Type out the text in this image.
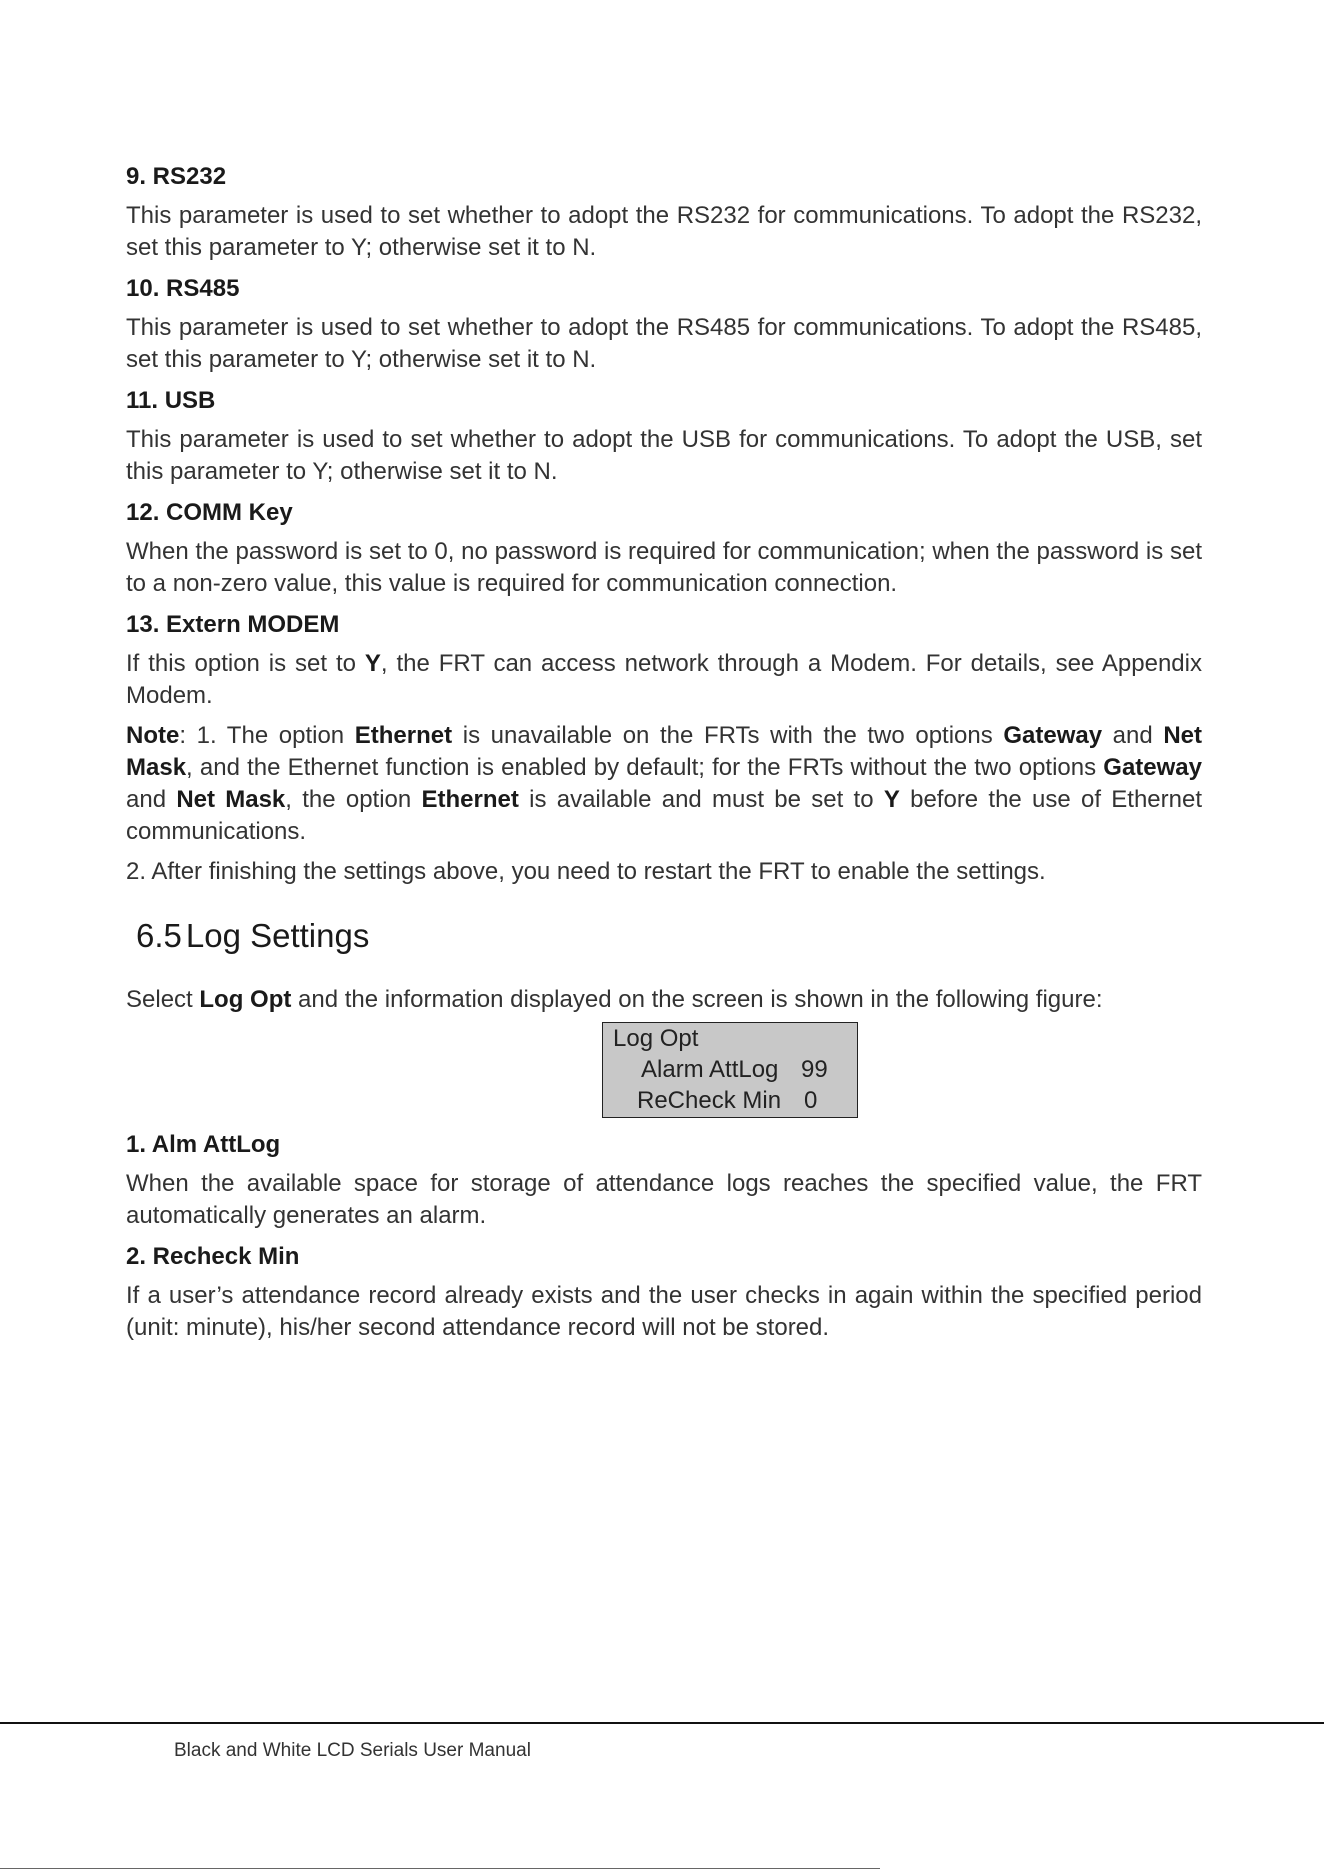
9. RS232
This parameter is used to set whether to adopt the RS232 for communications. To adopt the RS232, set this parameter to Y; otherwise set it to N.
10. RS485
This parameter is used to set whether to adopt the RS485 for communications. To adopt the RS485, set this parameter to Y; otherwise set it to N.
11. USB
This parameter is used to set whether to adopt the USB for communications. To adopt the USB, set this parameter to Y; otherwise set it to N.
12. COMM Key
When the password is set to 0, no password is required for communication; when the password is set to a non-zero value, this value is required for communication connection.
13. Extern MODEM
If this option is set to Y, the FRT can access network through a Modem. For details, see Appendix Modem.
Note: 1. The option Ethernet is unavailable on the FRTs with the two options Gateway and Net Mask, and the Ethernet function is enabled by default; for the FRTs without the two options Gateway and Net Mask, the option Ethernet is available and must be set to Y before the use of Ethernet communications.
2. After finishing the settings above, you need to restart the FRT to enable the settings.
6.5 Log Settings
Select Log Opt and the information displayed on the screen is shown in the following figure:
Log Opt
Alarm AttLog 99
ReCheck Min 0
1. Alm AttLog
When the available space for storage of attendance logs reaches the specified value, the FRT automatically generates an alarm.
2. Recheck Min
If a user’s attendance record already exists and the user checks in again within the specified period (unit: minute), his/her second attendance record will not be stored.
Black and White LCD Serials User Manual
